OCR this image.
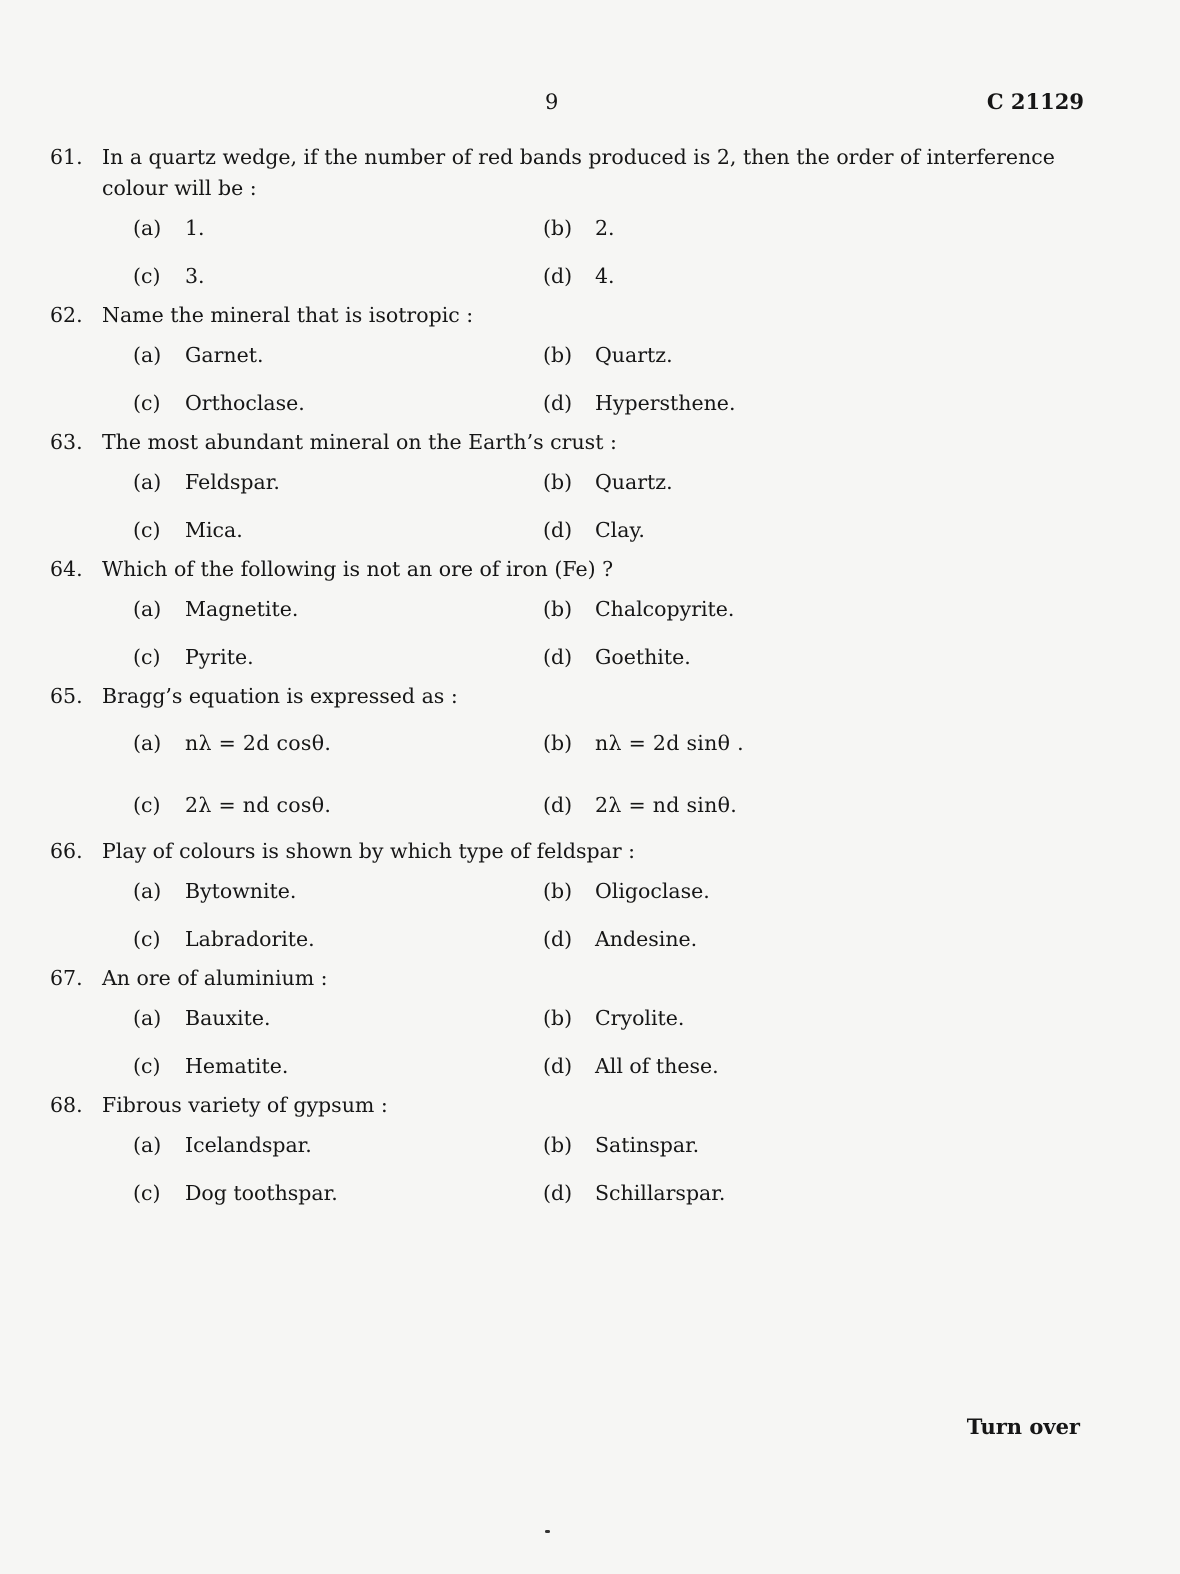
9	C 21129
61. In a quartz wedge, if the number of red bands produced is 2, then the order of interference colour will be :
(a)	1.	(b)	2.
(c)	3.	(d)	4.
62. Name the mineral that is isotropic :
(a)	Garnet.	(b)	Quartz.
(c)	Orthoclase.	(d)	Hypersthene.
63. The most abundant mineral on the Earth’s crust :
(a)	Feldspar.	(b)	Quartz.
(c)	Mica.	(d)	Clay.
64. Which of the following is not an ore of iron (Fe) ?
(a)	Magnetite.	(b)	Chalcopyrite.
(c)	Pyrite.	(d)	Goethite.
65. Bragg’s equation is expressed as :
(a)	nλ = 2d cosθ.	(b)	nλ = 2d sinθ .
(c)	2λ = nd cosθ.	(d)	2λ = nd sinθ.
66. Play of colours is shown by which type of feldspar :
(a)	Bytownite.	(b)	Oligoclase.
(c)	Labradorite.	(d)	Andesine.
67. An ore of aluminium :
(a)	Bauxite.	(b)	Cryolite.
(c)	Hematite.	(d)	All of these.
68. Fibrous variety of gypsum :
(a)	Icelandspar.	(b)	Satinspar.
(c)	Dog toothspar.	(d)	Schillarspar.
Turn over
